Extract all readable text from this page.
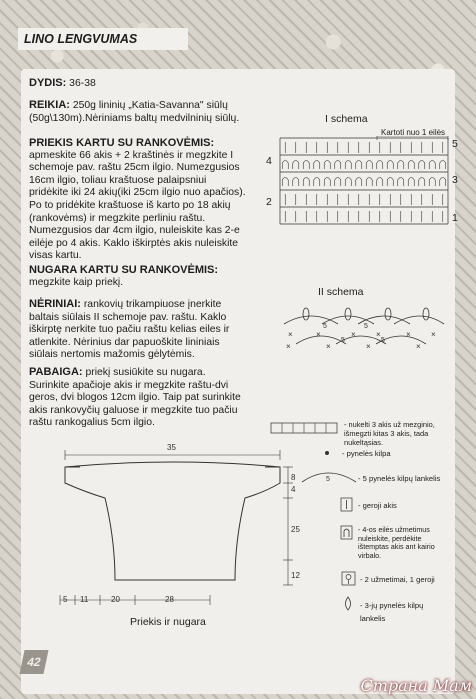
LINO LENGVUMAS
DYDIS: 36-38
REIKIA: 250g lininių „Katia-Savanna" siūlų (50g\130m).Nėriniams baltų medvilninių siūlų.
PRIEKIS KARTU SU RANKOVĖMIS:
apmeskite 66 akis + 2 kraštinės ir megzkite I schemoje pav. raštu 25cm ilgio. Numezgusios 16cm ilgio, toliau kraštuose palaipsniui pridėkite iki 24 akių(iki 25cm ilgio nuo apačios). Po to pridėkite kraštuose iš karto po 18 akių (rankovėms) ir megzkite perliniu raštu. Numezgusios dar 4cm ilgio, nuleiskite kas 2-e eilėje po 4 akis. Kaklo iškirptės akis nuleiskite visas kartu.
NUGARA KARTU SU RANKOVĖMIS:
megzkite kaip priekį.
NĖRINIAI: rankovių trikampiuose įnerkite baltais siūlais II schemoje pav. raštu. Kaklo iškirptę nerkite tuo pačiu raštu kelias eiles ir atlenkite. Nėrinius dar papuoškite lininiais siūlais nertomis mažomis gėlytėmis.
PABAIGA: priekį susiūkite su nugara. Surinkite apačioje akis ir megzkite raštu-dvi geros, dvi blogos 12cm ilgio. Taip pat surinkite akis rankovyčių galuose ir megzkite tuo pačiu raštu rankogalius 5cm ilgio.
I schema
Kartoti nuo 1 eilės
5
4
3
2
1
II schema
×	×	×	×	×	×
×	×	×	×
5	5
5	5
- nukelti 3 akis už mezginio, išmegzti kitas 3 akis, tada nukeltąsias.
- pynelės kilpa
5	- 5 pynelės kilpų lankelis
- geroji akis
- 4-os eilės užmetimus nuleiskite, perdėkite ištemptas akis ant kairio virbalo.
- 2 užmetimai, 1 geroji
- 3-jų pynelės kilpų lankelis
35
8
4
25
12
5 11	20	28
Priekis ir nugara
42
Страна Мам
